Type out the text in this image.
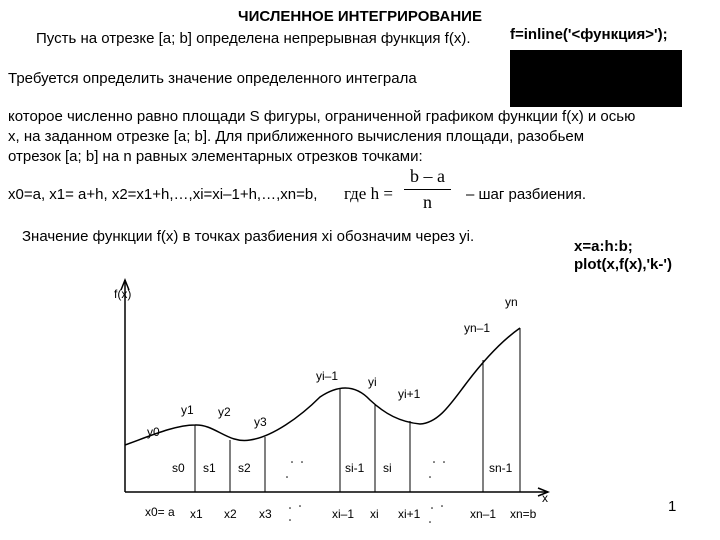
ЧИСЛЕННОЕ ИНТЕГРИРОВАНИЕ
Пусть на отрезке [a; b] определена непрерывная функция f(x).	f=inline('<функция>');
Требуется определить значение определенного интеграла
которое численно равно площади S фигуры, ограниченной графиком функции f(x) и осью
x, на заданном отрезке [a; b]. Для приближенного вычисления площади, разобьем
отрезок [a; b] на n равных элементарных отрезков точками:
x0=a, x1= a+h, x2=x1+h,…,xi=xi–1+h,…,xn=b, где $h = \frac{b - a}{n}$ – шаг разбиения.
Значение функции f(x) в точках разбиения xi обозначим через yi.
x=a:h:b;
plot(x,f(x),'k-')
f(x)
x
y0
y1 y2
y3
yi–1 yi
yi+1
yn–1
yn
s0 s1 s2	si-1 si	sn-1
x0= a x1 x2 x3	xi–1 xi xi+1	xn–1 xn=b	1
